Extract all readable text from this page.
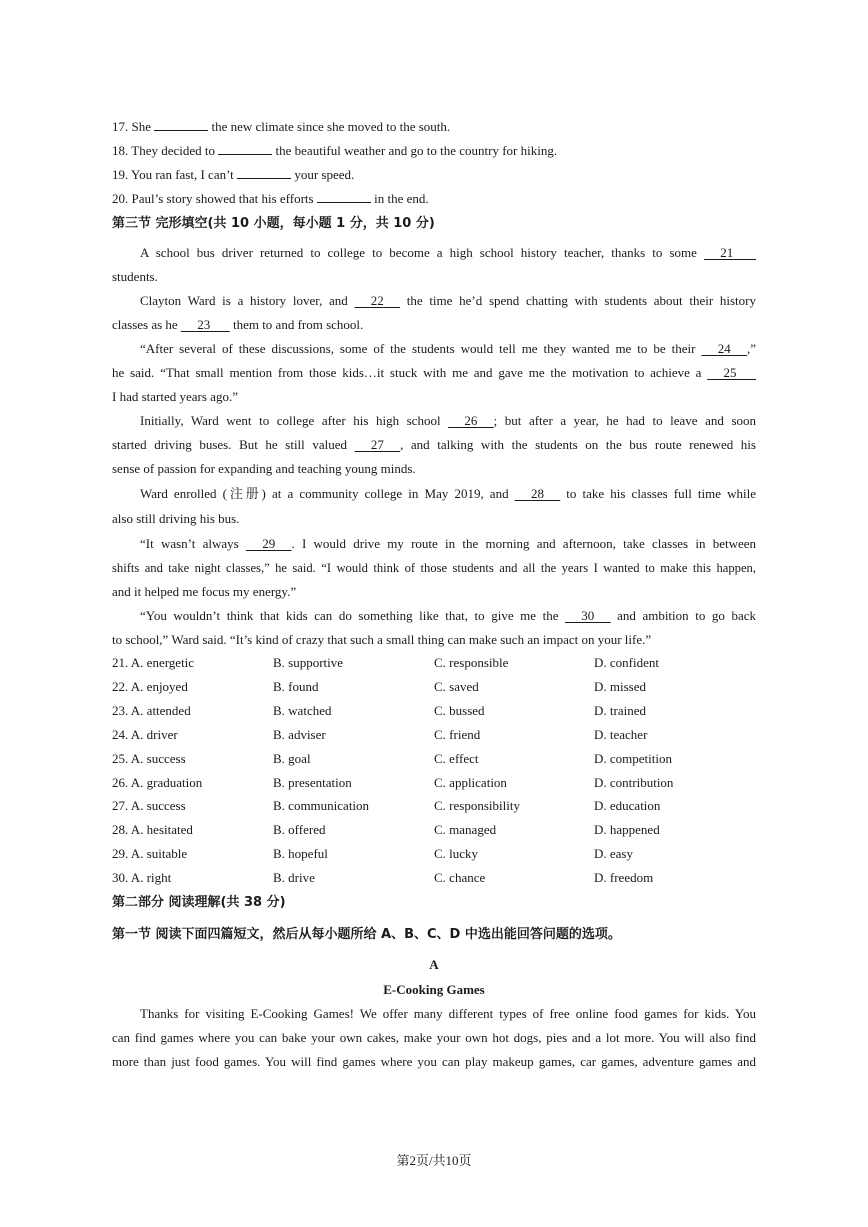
17. She	the new climate since she moved to the south.
18. They decided to	the beautiful weather and go to the country for hiking.
19. You ran fast, I can’t	your speed.
20. Paul’s story showed that his efforts	in the end.
第三节 完形填空(共 10 小题，每小题 1 分，共 10 分)
A school bus driver returned to college to become a high school history teacher, thanks to some      21
students.
Clayton Ward is a history lover, and      22      the time he’d spend chatting with students about their history
classes as he      23       them to and from school.
“After several of these discussions, some of the students would tell me they wanted me to be their      24 ,”
he said. “That small mention from those kids…it stuck with me and gave me the motivation to achieve a      25
I had started years ago.”
Initially, Ward went to college after his high school      26 ; but after a year, he had to leave and soon
started driving buses. But he still valued      27 , and talking with the students on the bus route renewed his
sense of passion for expanding and teaching young minds.
Ward enrolled (注册) at a community college in May 2019, and      28      to take his classes full time while
also still driving his bus.
“It wasn’t always      29 . I would drive my route in the morning and afternoon, take classes in between
shifts and take night classes,” he said. “I would think of those students and all the years I wanted to make this happen,
and it helped me focus my energy.”
“You wouldn’t think that kids can do something like that, to give me the      30      and ambition to go back
to school,” Ward said. “It’s kind of crazy that such a small thing can make such an impact on your life.”
21. A. energetic	B. supportive	C. responsible	D. confident
22. A. enjoyed	B. found	C. saved	D. missed
23. A. attended	B. watched	C. bussed	D. trained
24. A. driver	B. adviser	C. friend	D. teacher
25. A. success	B. goal	C. effect	D. competition
26. A. graduation	B. presentation	C. application	D. contribution
27. A. success	B. communication	C. responsibility	D. education
28. A. hesitated	B. offered	C. managed	D. happened
29. A. suitable	B. hopeful	C. lucky	D. easy
30. A. right	B. drive	C. chance	D. freedom
第二部分 阅读理解(共 38 分)
第一节 阅读下面四篇短文，然后从每小题所给 A、B、C、D 中选出能回答问题的选项。
A
E-Cooking Games
Thanks for visiting E-Cooking Games! We offer many different types of free online food games for kids. You
can find games where you can bake your own cakes, make your own hot dogs, pies and a lot more. You will also find
more than just food games. You will find games where you can play makeup games, car games, adventure games and
第2页/共10页
